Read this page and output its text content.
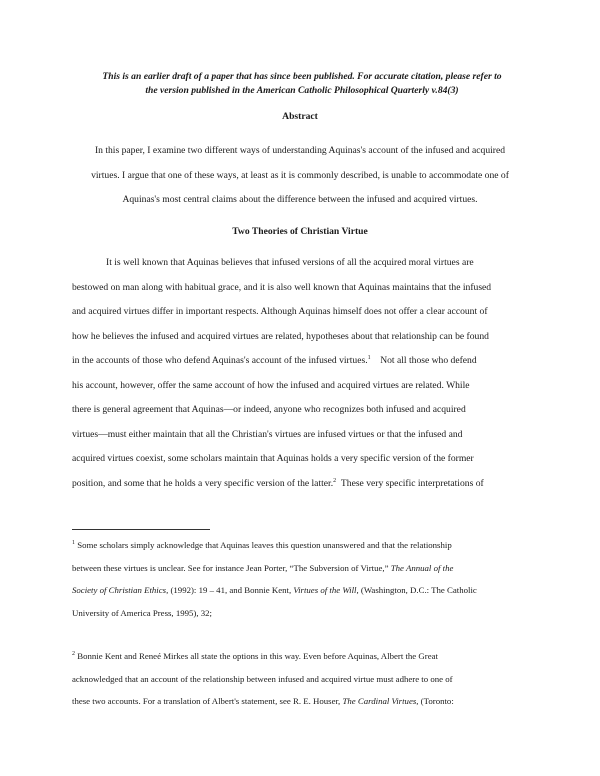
This is an earlier draft of a paper that has since been published. For accurate citation, please refer to
the version published in the American Catholic Philosophical Quarterly v.84(3)
Abstract
In this paper, I examine two different ways of understanding Aquinas's account of the infused and acquired
virtues. I argue that one of these ways, at least as it is commonly described, is unable to accommodate one of
Aquinas's most central claims about the difference between the infused and acquired virtues.
Two Theories of Christian Virtue
It is well known that Aquinas believes that infused versions of all the acquired moral virtues are
bestowed on man along with habitual grace, and it is also well known that Aquinas maintains that the infused
and acquired virtues differ in important respects. Although Aquinas himself does not offer a clear account of
how he believes the infused and acquired virtues are related, hypotheses about that relationship can be found
in the accounts of those who defend Aquinas's account of the infused virtues.$^1$ Not all those who defend
his account, however, offer the same account of how the infused and acquired virtues are related. While
there is general agreement that Aquinas—or indeed, anyone who recognizes both infused and acquired
virtues—must either maintain that all the Christian's virtues are infused virtues or that the infused and
acquired virtues coexist, some scholars maintain that Aquinas holds a very specific version of the former
position, and some that he holds a very specific version of the latter.$^2$ These very specific interpretations of
$^1$ Some scholars simply acknowledge that Aquinas leaves this question unanswered and that the relationship
between these virtues is unclear. See for instance Jean Porter, “The Subversion of Virtue,” The Annual of the
Society of Christian Ethics, (1992): 19 – 41, and Bonnie Kent, Virtues of the Will, (Washington, D.C.: The Catholic
University of America Press, 1995), 32;
$^2$ Bonnie Kent and Reneé Mirkes all state the options in this way. Even before Aquinas, Albert the Great
acknowledged that an account of the relationship between infused and acquired virtue must adhere to one of
these two accounts. For a translation of Albert's statement, see R. E. Houser, The Cardinal Virtues, (Toronto:
